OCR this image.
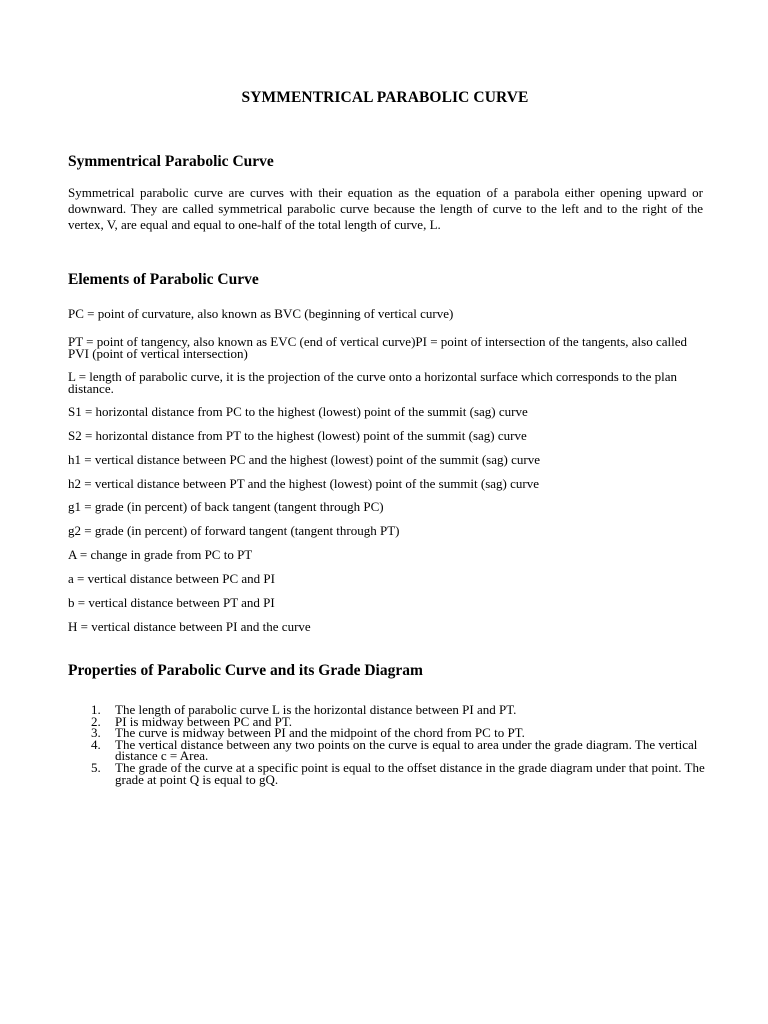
SYMMENTRICAL PARABOLIC CURVE
Symmentrical Parabolic Curve

Symmetrical parabolic curve are curves with their equation as the equation of a parabola either opening upward or downward. They are called symmetrical parabolic curve because the length of curve to the left and to the right of the vertex, V, are equal and equal to one-half of the total length of curve, L.

Elements of Parabolic Curve

PC = point of curvature, also known as BVC (beginning of vertical curve)

PT = point of tangency, also known as EVC (end of vertical curve)PI = point of intersection of the tangents, also called PVI (point of vertical intersection)

L = length of parabolic curve, it is the projection of the curve onto a horizontal surface which corresponds to the plan distance.

S1 = horizontal distance from PC to the highest (lowest) point of the summit (sag) curve

S2 = horizontal distance from PT to the highest (lowest) point of the summit (sag) curve

h1 = vertical distance between PC and the highest (lowest) point of the summit (sag) curve

h2 = vertical distance between PT and the highest (lowest) point of the summit (sag) curve

g1 = grade (in percent) of back tangent (tangent through PC)

g2 = grade (in percent) of forward tangent (tangent through PT)

A = change in grade from PC to PT

a = vertical distance between PC and PI

b = vertical distance between PT and PI

H = vertical distance between PI and the curve

Properties of Parabolic Curve and its Grade Diagram
1. The length of parabolic curve L is the horizontal distance between PI and PT.
2. PI is midway between PC and PT.
3. The curve is midway between PI and the midpoint of the chord from PC to PT.
4. The vertical distance between any two points on the curve is equal to area under the grade diagram. The vertical distance c = Area.
5. The grade of the curve at a specific point is equal to the offset distance in the grade diagram under that point. The grade at point Q is equal to gQ.
